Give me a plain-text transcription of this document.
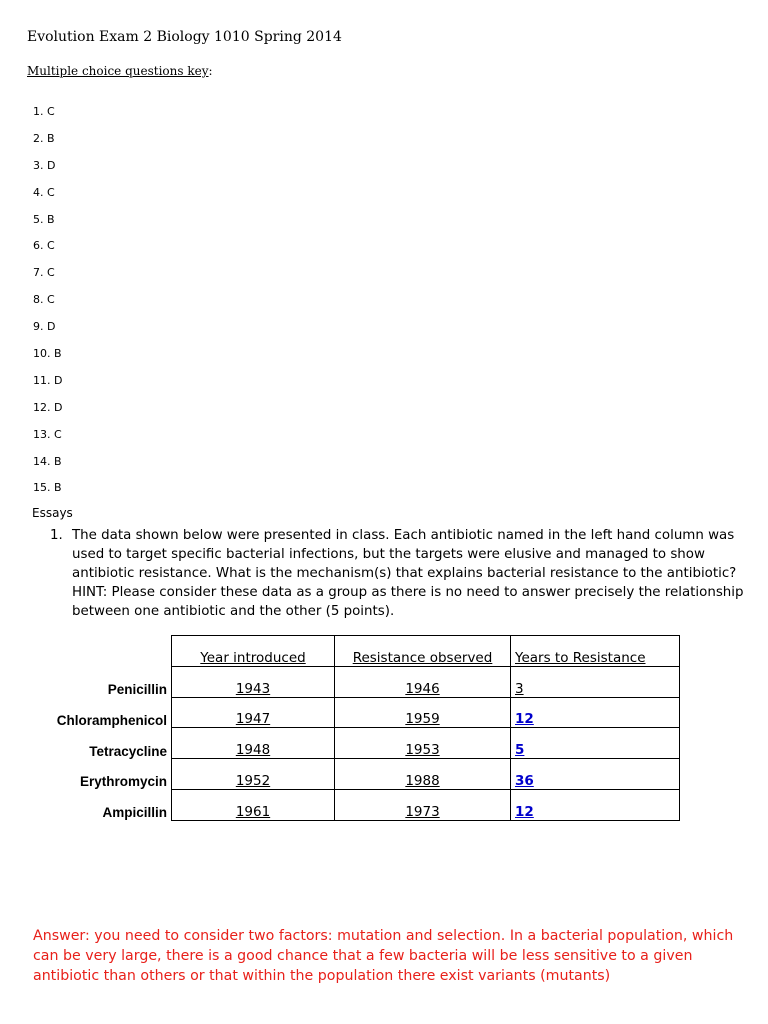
Evolution Exam 2 Biology 1010 Spring 2014
Multiple choice questions key:
1. C
2. B
3. D
4. C
5. B
6. C
7. C
8. C
9. D
10. B
11. D
12. D
13. C
14. B
15. B
Essays
1. The data shown below were presented in class. Each antibiotic named in the left hand column was used to target specific bacterial infections, but the targets were elusive and managed to show antibiotic resistance. What is the mechanism(s) that explains bacterial resistance to the antibiotic? HINT: Please consider these data as a group as there is no need to answer precisely the relationship between one antibiotic and the other (5 points).
	Year introduced	Resistance observed	Years to Resistance
Penicillin	1943	1946	3
Chloramphenicol	1947	1959	12
Tetracycline	1948	1953	5
Erythromycin	1952	1988	36
Ampicillin	1961	1973	12
Answer: you need to consider two factors: mutation and selection. In a bacterial population, which can be very large, there is a good chance that a few bacteria will be less sensitive to a given antibiotic than others or that within the population there exist variants (mutants)
